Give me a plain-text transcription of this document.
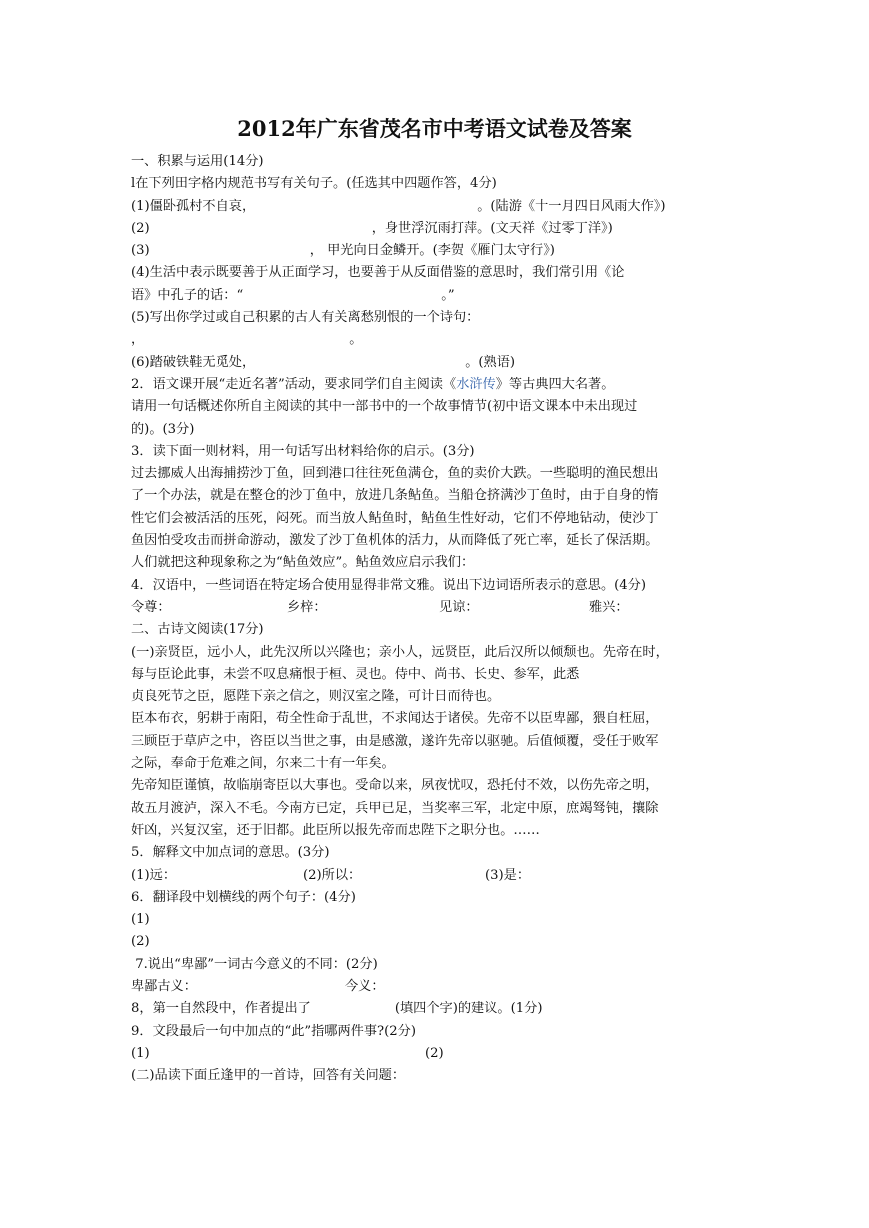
2012年广东省茂名市中考语文试卷及答案
一、积累与运用(14分)
l在下列田字格内规范书写有关句子。(任选其中四题作答，4分)
(1)僵卧孤村不自哀，	。(陆游《十一月四日风雨大作》)
(2)	，身世浮沉雨打萍。(文天祥《过零丁洋》)
(3)	， 甲光向日金鳞开。(李贺《雁门太守行》)
(4)生活中表示既要善于从正面学习，也要善于从反面借鉴的意思时，我们常引用《论
语》中孔子的话：“	。”
(5)写出你学过或自己积累的古人有关离愁别恨的一个诗句：
，	。
(6)踏破铁鞋无觅处，	。(熟语)
2．语文课开展“走近名著”活动，要求同学们自主阅读《水浒传》等古典四大名著。
请用一句话概述你所自主阅读的其中一部书中的一个故事情节(初中语文课本中未出现过
的)。(3分)
3．读下面一则材料，用一句话写出材料给你的启示。(3分)
过去挪威人出海捕捞沙丁鱼，回到港口往往死鱼满仓，鱼的卖价大跌。一些聪明的渔民想出
了一个办法，就是在整仓的沙丁鱼中，放进几条鲇鱼。当船仓挤满沙丁鱼时，由于自身的惰
性它们会被活活的压死，闷死。而当放人鲇鱼时，鲇鱼生性好动，它们不停地钻动，使沙丁
鱼因怕受攻击而拼命游动，激发了沙丁鱼机体的活力，从而降低了死亡率，延长了保活期。
人们就把这种现象称之为“鲇鱼效应”。鲇鱼效应启示我们：
4．汉语中，一些词语在特定场合使用显得非常文雅。说出下边词语所表示的意思。(4分)
令尊：	乡梓：	见谅：	雅兴：
二、古诗文阅读(17分)
(一)亲贤臣，远小人，此先汉所以兴隆也；亲小人，远贤臣，此后汉所以倾颓也。先帝在时，
每与臣论此事，未尝不叹息痛恨于桓、灵也。侍中、尚书、长史、参军，此悉
贞良死节之臣，愿陛下亲之信之，则汉室之隆，可计日而待也。
臣本布衣，躬耕于南阳，苟全性命于乱世，不求闻达于诸侯。先帝不以臣卑鄙，猥自枉屈，
三顾臣于草庐之中，咨臣以当世之事，由是感激，遂许先帝以驱驰。后值倾覆，受任于败军
之际，奉命于危难之间，尔来二十有一年矣。
先帝知臣谨慎，故临崩寄臣以大事也。受命以来，夙夜忧叹，恐托付不效，以伤先帝之明，
故五月渡泸，深入不毛。今南方已定，兵甲已足，当奖率三军，北定中原，庶竭驽钝，攘除
奸凶，兴复汉室，还于旧都。此臣所以报先帝而忠陛下之职分也。……
5．解释文中加点词的意思。(3分)
(1)远：	(2)所以：	(3)是：
6．翻译段中划横线的两个句子：(4分)
(1)
(2)
7.说出“卑鄙”一词古今意义的不同：(2分)
卑鄙古义：	今义：
8，第一自然段中，作者提出了	(填四个字)的建议。(1分)
9．文段最后一句中加点的“此”指哪两件事?(2分)
(1)	(2)
(二)品读下面丘逢甲的一首诗，回答有关问题：
